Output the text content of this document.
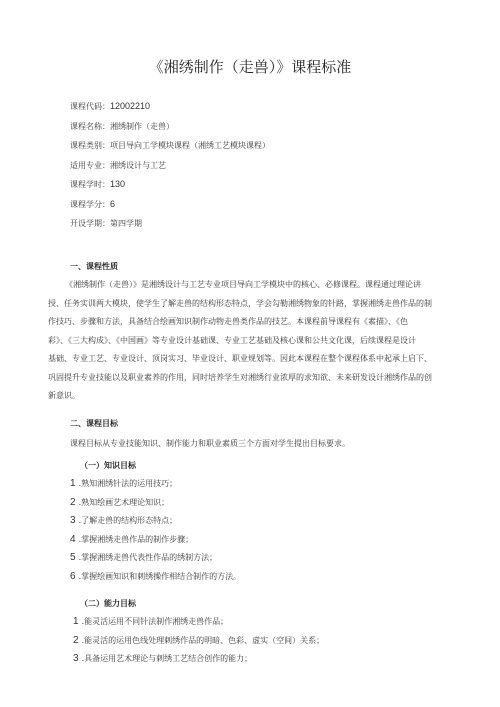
《湘绣制作（走兽）》课程标准
课程代码：12002210
课程名称：湘绣制作（走兽）
课程类别：项目导向工学模块课程（湘绣工艺模块课程）
适用专业：湘绣设计与工艺
课程学时：130
课程学分：6
开设学期：第四学期
一、课程性质
《湘绣制作（走兽）》是湘绣设计与工艺专业项目导向工学模块中的核心、必修课程。课程通过理论讲
授、任务实训两大模块，使学生了解走兽的结构形态特点，学会勾勒湘绣物象的针路，掌握湘绣走兽作品的制
作技巧、步骤和方法，具备结合绘画知识制作动物走兽类作品的技艺。本课程前导课程有《素描》、《色
彩》、《三大构成》、《中国画》等专业设计基础课、专业工艺基础及核心课和公共文化课，后续课程是设计
基础、专业工艺、专业设计、顶岗实习、毕业设计、职业规划等。因此本课程在整个课程体系中起承上启下、
巩固提升专业技能以及职业素养的作用，同时培养学生对湘绣行业浓厚的求知欲、未来研发设计湘绣作品的创
新意识。
二、课程目标
课程目标从专业技能知识、制作能力和职业素质三个方面对学生提出目标要求。
（一）知识目标
1 .熟知湘绣针法的运用技巧；
2 .熟知绘画艺术理论知识；
3 .了解走兽的结构形态特点；
4 .掌握湘绣走兽作品的制作步骤；
5 .掌握湘绣走兽代表性作品的绣制方法；
6 .掌握绘画知识和刺绣操作相结合制作的方法。
（二）能力目标
1 .能灵活运用不同针法制作湘绣走兽作品；
2 .能灵活的运用色线处理刺绣作品的明暗、色彩、虚实（空间）关系；
3 .具备运用艺术理论与刺绣工艺结合创作的能力；
